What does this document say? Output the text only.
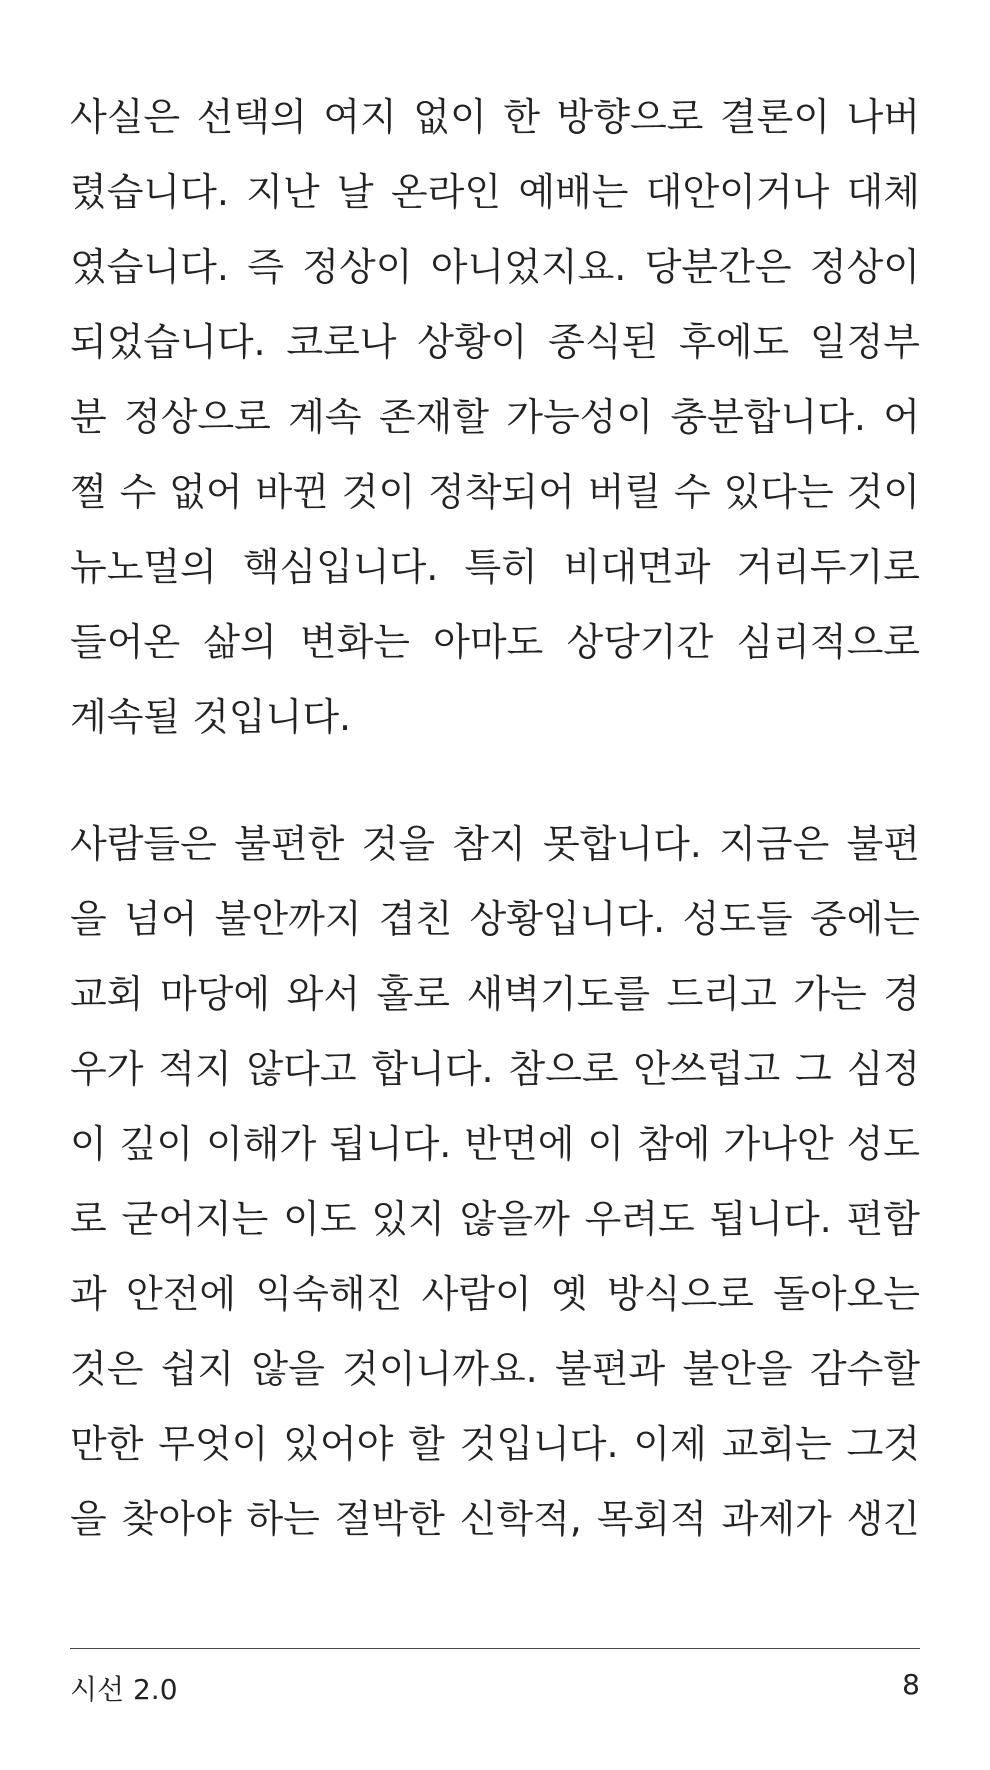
사실은 선택의 여지 없이 한 방향으로 결론이 나버
렸습니다. 지난 날 온라인 예배는 대안이거나 대체
였습니다. 즉 정상이 아니었지요. 당분간은 정상이
되었습니다. 코로나 상황이 종식된 후에도 일정부
분 정상으로 계속 존재할 가능성이 충분합니다. 어
쩔 수 없어 바뀐 것이 정착되어 버릴 수 있다는 것이
뉴노멀의 핵심입니다. 특히 비대면과 거리두기로
들어온 삶의 변화는 아마도 상당기간 심리적으로
계속될 것입니다.
사람들은 불편한 것을 참지 못합니다. 지금은 불편
을 넘어 불안까지 겹친 상황입니다. 성도들 중에는
교회 마당에 와서 홀로 새벽기도를 드리고 가는 경
우가 적지 않다고 합니다. 참으로 안쓰럽고 그 심정
이 깊이 이해가 됩니다. 반면에 이 참에 가나안 성도
로 굳어지는 이도 있지 않을까 우려도 됩니다. 편함
과 안전에 익숙해진 사람이 옛 방식으로 돌아오는
것은 쉽지 않을 것이니까요. 불편과 불안을 감수할
만한 무엇이 있어야 할 것입니다. 이제 교회는 그것
을 찾아야 하는 절박한 신학적, 목회적 과제가 생긴
시선 2.0	8
